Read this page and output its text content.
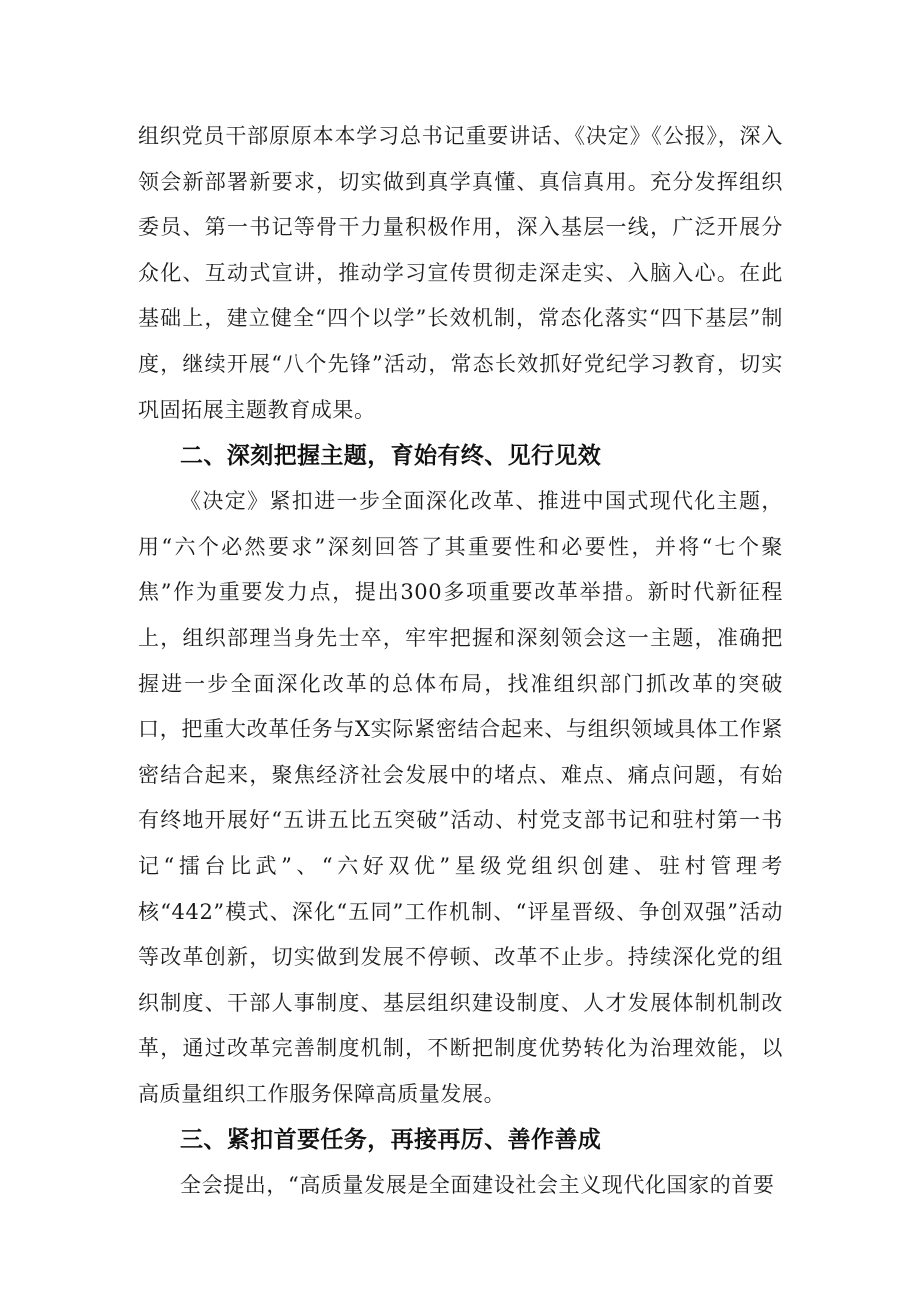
组织党员干部原原本本学习总书记重要讲话、《决定》《公报》，深入领会新部署新要求，切实做到真学真懂、真信真用。充分发挥组织委员、第一书记等骨干力量积极作用，深入基层一线，广泛开展分众化、互动式宣讲，推动学习宣传贯彻走深走实、入脑入心。在此基础上，建立健全“四个以学”长效机制，常态化落实“四下基层”制度，继续开展“八个先锋”活动，常态长效抓好党纪学习教育，切实巩固拓展主题教育成果。

二、深刻把握主题，育始有终、见行见效

《决定》紧扣进一步全面深化改革、推进中国式现代化主题，用“六个必然要求”深刻回答了其重要性和必要性，并将“七个聚焦”作为重要发力点，提出300多项重要改革举措。新时代新征程上，组织部理当身先士卒，牢牢把握和深刻领会这一主题，准确把握进一步全面深化改革的总体布局，找准组织部门抓改革的突破口，把重大改革任务与X实际紧密结合起来、与组织领域具体工作紧密结合起来，聚焦经济社会发展中的堵点、难点、痛点问题，有始有终地开展好“五讲五比五突破”活动、村党支部书记和驻村第一书记“擂台比武”、“六好双优”星级党组织创建、驻村管理考核“442”模式、深化“五同”工作机制、“评星晋级、争创双强”活动等改革创新，切实做到发展不停顿、改革不止步。持续深化党的组织制度、干部人事制度、基层组织建设制度、人才发展体制机制改革，通过改革完善制度机制，不断把制度优势转化为治理效能，以高质量组织工作服务保障高质量发展。

三、紧扣首要任务，再接再厉、善作善成

全会提出，“高质量发展是全面建设社会主义现代化国家的首要
